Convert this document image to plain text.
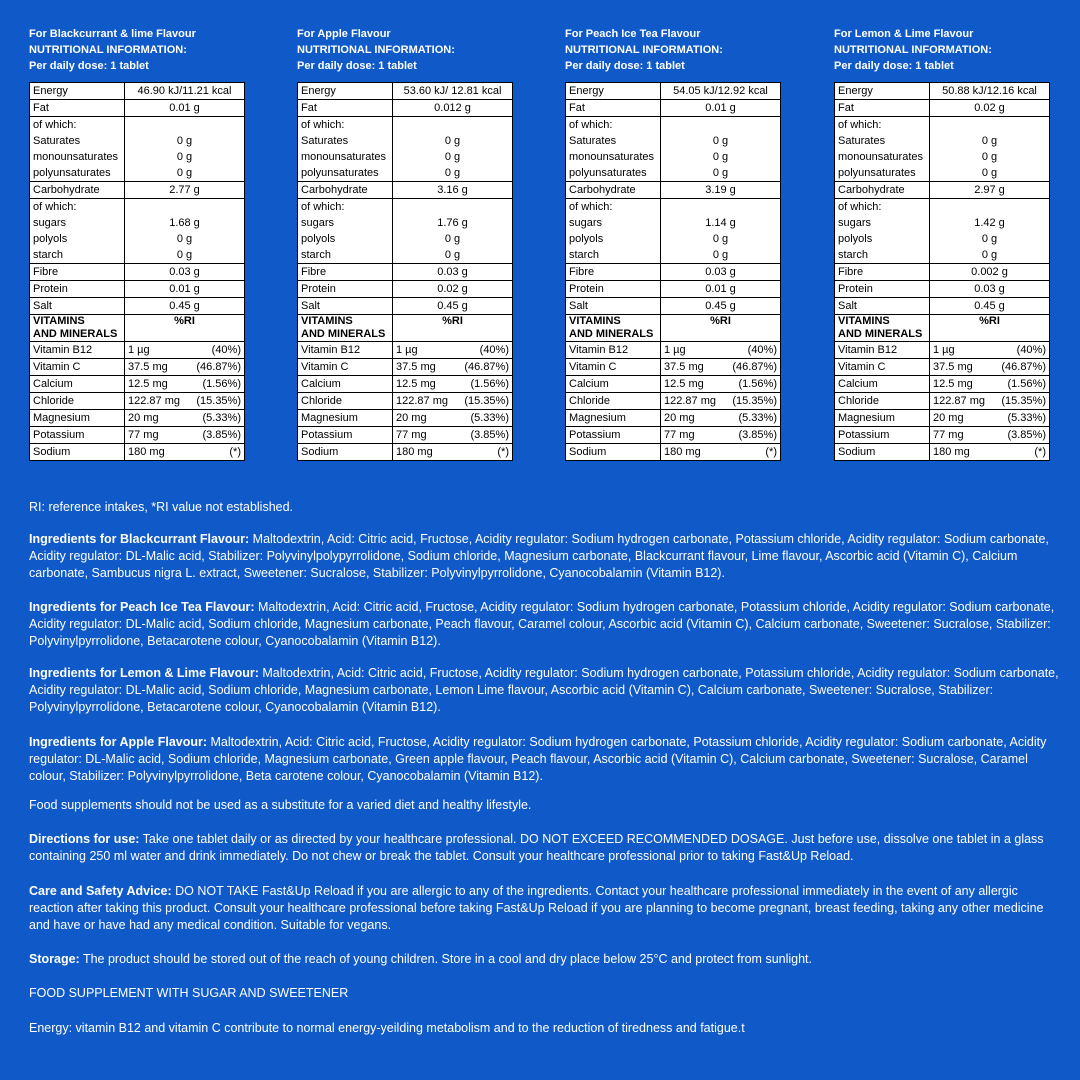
For Blackcurrant & lime Flavour
NUTRITIONAL INFORMATION:
Per daily dose: 1 tablet
Energy	46.90 kJ/11.21 kcal
Fat	0.01 g
of which:	
Saturates	0 g
monounsaturates	0 g
polyunsaturates	0 g
Carbohydrate	2.77 g
of which:	
sugars	1.68 g
polyols	0 g
starch	0 g
Fibre	0.03 g
Protein	0.01 g
Salt	0.45 g

VITAMINS
AND MINERALS	%RI
Vitamin B12	1 µg (40%)

Vitamin C	37.5 mg (46.87%)

Calcium	12.5 mg (1.56%)

Chloride	122.87 mg (15.35%)

Magnesium	20 mg (5.33%)

Potassium	77 mg (3.85%)

Sodium	180 mg (*)
For Apple Flavour
NUTRITIONAL INFORMATION:
Per daily dose: 1 tablet
Energy	53.60 kJ/ 12.81 kcal
Fat	0.012 g
of which:	
Saturates	0 g
monounsaturates	0 g
polyunsaturates	0 g
Carbohydrate	3.16 g
of which:	
sugars	1.76 g
polyols	0 g
starch	0 g
Fibre	0.03 g
Protein	0.02 g
Salt	0.45 g

VITAMINS
AND MINERALS	%RI
Vitamin B12	1 µg (40%)

Vitamin C	37.5 mg (46.87%)

Calcium	12.5 mg (1.56%)

Chloride	122.87 mg (15.35%)

Magnesium	20 mg (5.33%)

Potassium	77 mg (3.85%)

Sodium	180 mg (*)
For Peach Ice Tea Flavour
NUTRITIONAL INFORMATION:
Per daily dose: 1 tablet
Energy	54.05 kJ/12.92 kcal
Fat	0.01 g
of which:	
Saturates	0 g
monounsaturates	0 g
polyunsaturates	0 g
Carbohydrate	3.19 g
of which:	
sugars	1.14 g
polyols	0 g
starch	0 g
Fibre	0.03 g
Protein	0.01 g
Salt	0.45 g

VITAMINS
AND MINERALS	%RI
Vitamin B12	1 µg (40%)

Vitamin C	37.5 mg (46.87%)

Calcium	12.5 mg (1.56%)

Chloride	122.87 mg (15.35%)

Magnesium	20 mg (5.33%)

Potassium	77 mg (3.85%)

Sodium	180 mg (*)
For Lemon & Lime Flavour
NUTRITIONAL INFORMATION:
Per daily dose: 1 tablet
Energy	50.88 kJ/12.16 kcal
Fat	0.02 g
of which:	
Saturates	0 g
monounsaturates	0 g
polyunsaturates	0 g
Carbohydrate	2.97 g
of which:	
sugars	1.42 g
polyols	0 g
starch	0 g
Fibre	0.002 g
Protein	0.03 g
Salt	0.45 g

VITAMINS
AND MINERALS	%RI
Vitamin B12	1 µg (40%)

Vitamin C	37.5 mg (46.87%)

Calcium	12.5 mg (1.56%)

Chloride	122.87 mg (15.35%)

Magnesium	20 mg (5.33%)

Potassium	77 mg (3.85%)

Sodium	180 mg (*)
RI: reference intakes, *RI value not established.
Ingredients for Blackcurrant Flavour: Maltodextrin, Acid: Citric acid, Fructose, Acidity regulator: Sodium hydrogen carbonate, Potassium chloride, Acidity regulator: Sodium carbonate, Acidity regulator: DL-Malic acid, Stabilizer: Polyvinylpolypyrrolidone, Sodium chloride, Magnesium carbonate, Blackcurrant flavour, Lime flavour, Ascorbic acid (Vitamin C), Calcium carbonate, Sambucus nigra L. extract, Sweetener: Sucralose, Stabilizer: Polyvinylpyrrolidone, Cyanocobalamin (Vitamin B12).
Ingredients for Peach Ice Tea Flavour: Maltodextrin, Acid: Citric acid, Fructose, Acidity regulator: Sodium hydrogen carbonate, Potassium chloride, Acidity regulator: Sodium carbonate, Acidity regulator: DL-Malic acid, Sodium chloride, Magnesium carbonate, Peach flavour, Caramel colour, Ascorbic acid (Vitamin C), Calcium carbonate, Sweetener: Sucralose, Stabilizer: Polyvinylpyrrolidone, Betacarotene colour, Cyanocobalamin (Vitamin B12).
Ingredients for Lemon & Lime Flavour: Maltodextrin, Acid: Citric acid, Fructose, Acidity regulator: Sodium hydrogen carbonate, Potassium chloride, Acidity regulator: Sodium carbonate, Acidity regulator: DL-Malic acid, Sodium chloride, Magnesium carbonate, Lemon Lime flavour, Ascorbic acid (Vitamin C), Calcium carbonate, Sweetener: Sucralose, Stabilizer: Polyvinylpyrrolidone, Betacarotene colour, Cyanocobalamin (Vitamin B12).
Ingredients for Apple Flavour: Maltodextrin, Acid: Citric acid, Fructose, Acidity regulator: Sodium hydrogen carbonate, Potassium chloride, Acidity regulator: Sodium carbonate, Acidity regulator: DL-Malic acid, Sodium chloride, Magnesium carbonate, Green apple flavour, Peach flavour, Ascorbic acid (Vitamin C), Calcium carbonate, Sweetener: Sucralose, Caramel colour, Stabilizer: Polyvinylpyrrolidone, Beta carotene colour, Cyanocobalamin (Vitamin B12).
Food supplements should not be used as a substitute for a varied diet and healthy lifestyle.
Directions for use: Take one tablet daily or as directed by your healthcare professional. DO NOT EXCEED RECOMMENDED DOSAGE. Just before use, dissolve one tablet in a glass containing 250 ml water and drink immediately. Do not chew or break the tablet. Consult your healthcare professional prior to taking Fast&Up Reload.
Care and Safety Advice: DO NOT TAKE Fast&Up Reload if you are allergic to any of the ingredients. Contact your healthcare professional immediately in the event of any allergic reaction after taking this product. Consult your healthcare professional before taking Fast&Up Reload if you are planning to become pregnant, breast feeding, taking any other medicine and have or have had any medical condition. Suitable for vegans.
Storage: The product should be stored out of the reach of young children. Store in a cool and dry place below 25°C and protect from sunlight.
FOOD SUPPLEMENT WITH SUGAR AND SWEETENER
Energy: vitamin B12 and vitamin C contribute to normal energy-yeilding metabolism and to the reduction of tiredness and fatigue.t
